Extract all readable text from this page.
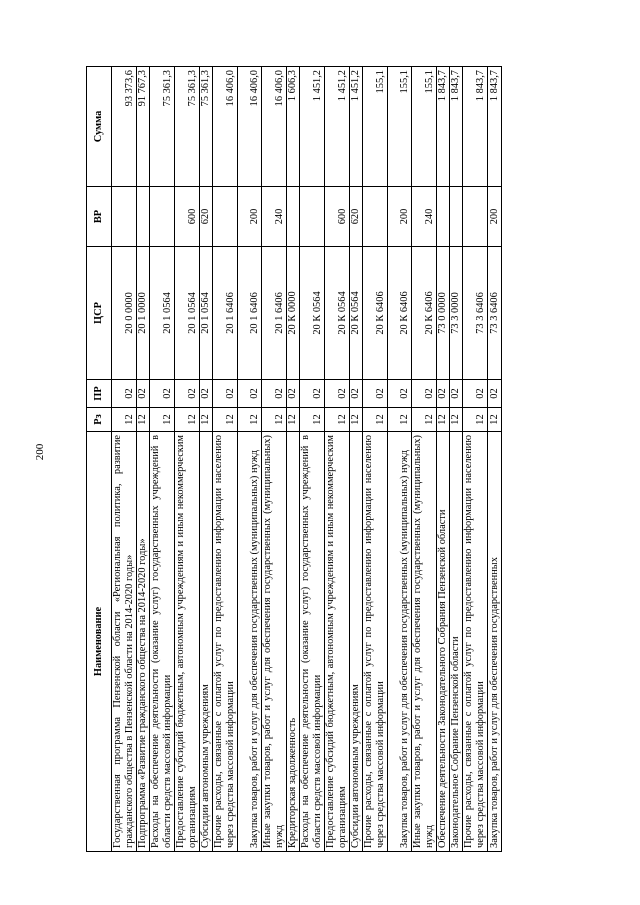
200
Наименование	Рз	ПР	ЦСР	ВР	Сумма
Государственная программа Пензенской области «Региональная политика, развитие гражданского общества в Пензенской области на 2014-2020 годы»	12	02	20 0 0000		93 373,6
Подпрограмма «Развитие гражданского общества на 2014-2020 годы»	12	02	20 1 0000		91 767,3
Расходы на обеспечение деятельности (оказание услуг) государственных учреждений в области средств массовой информации	12	02	20 1 0564		75 361,3
Предоставление субсидий бюджетным, автономным учреждениям и иным некоммерческим организациям	12	02	20 1 0564	600	75 361,3
Субсидии автономным учреждениям	12	02	20 1 0564	620	75 361,3
Прочие расходы, связанные с оплатой услуг по предоставлению информации населению через средства массовой информации	12	02	20 1 6406		16 406,0
Закупка товаров, работ и услуг для обеспечения государственных (муниципальных) нужд	12	02	20 1 6406	200	16 406,0
Иные закупки товаров, работ и услуг для обеспечения государственных (муниципальных) нужд	12	02	20 1 6406	240	16 406,0
Кредиторская задолженность	12	02	20 К 0000		1 606,3
Расходы на обеспечение деятельности (оказание услуг) государственных учреждений в области средств массовой информации	12	02	20 К 0564		1 451,2
Предоставление субсидий бюджетным, автономным учреждениям и иным некоммерческим организациям	12	02	20 К 0564	600	1 451,2
Субсидии автономным учреждениям	12	02	20 К 0564	620	1 451,2
Прочие расходы, связанные с оплатой услуг по предоставлению информации населению через средства массовой информации	12	02	20 К 6406		155,1
Закупка товаров, работ и услуг для обеспечения государственных (муниципальных) нужд	12	02	20 К 6406	200	155,1
Иные закупки товаров, работ и услуг для обеспечения государственных (муниципальных) нужд	12	02	20 К 6406	240	155,1
Обеспечение деятельности Законодательного Собрания Пензенской области	12	02	73 0 0000		1 843,7
Законодательное Собрание Пензенской области	12	02	73 3 0000		1 843,7
Прочие расходы, связанные с оплатой услуг по предоставлению информации населению через средства массовой информации	12	02	73 3 6406		1 843,7
Закупка товаров, работ и услуг для обеспечения государственных	12	02	73 3 6406	200	1 843,7
